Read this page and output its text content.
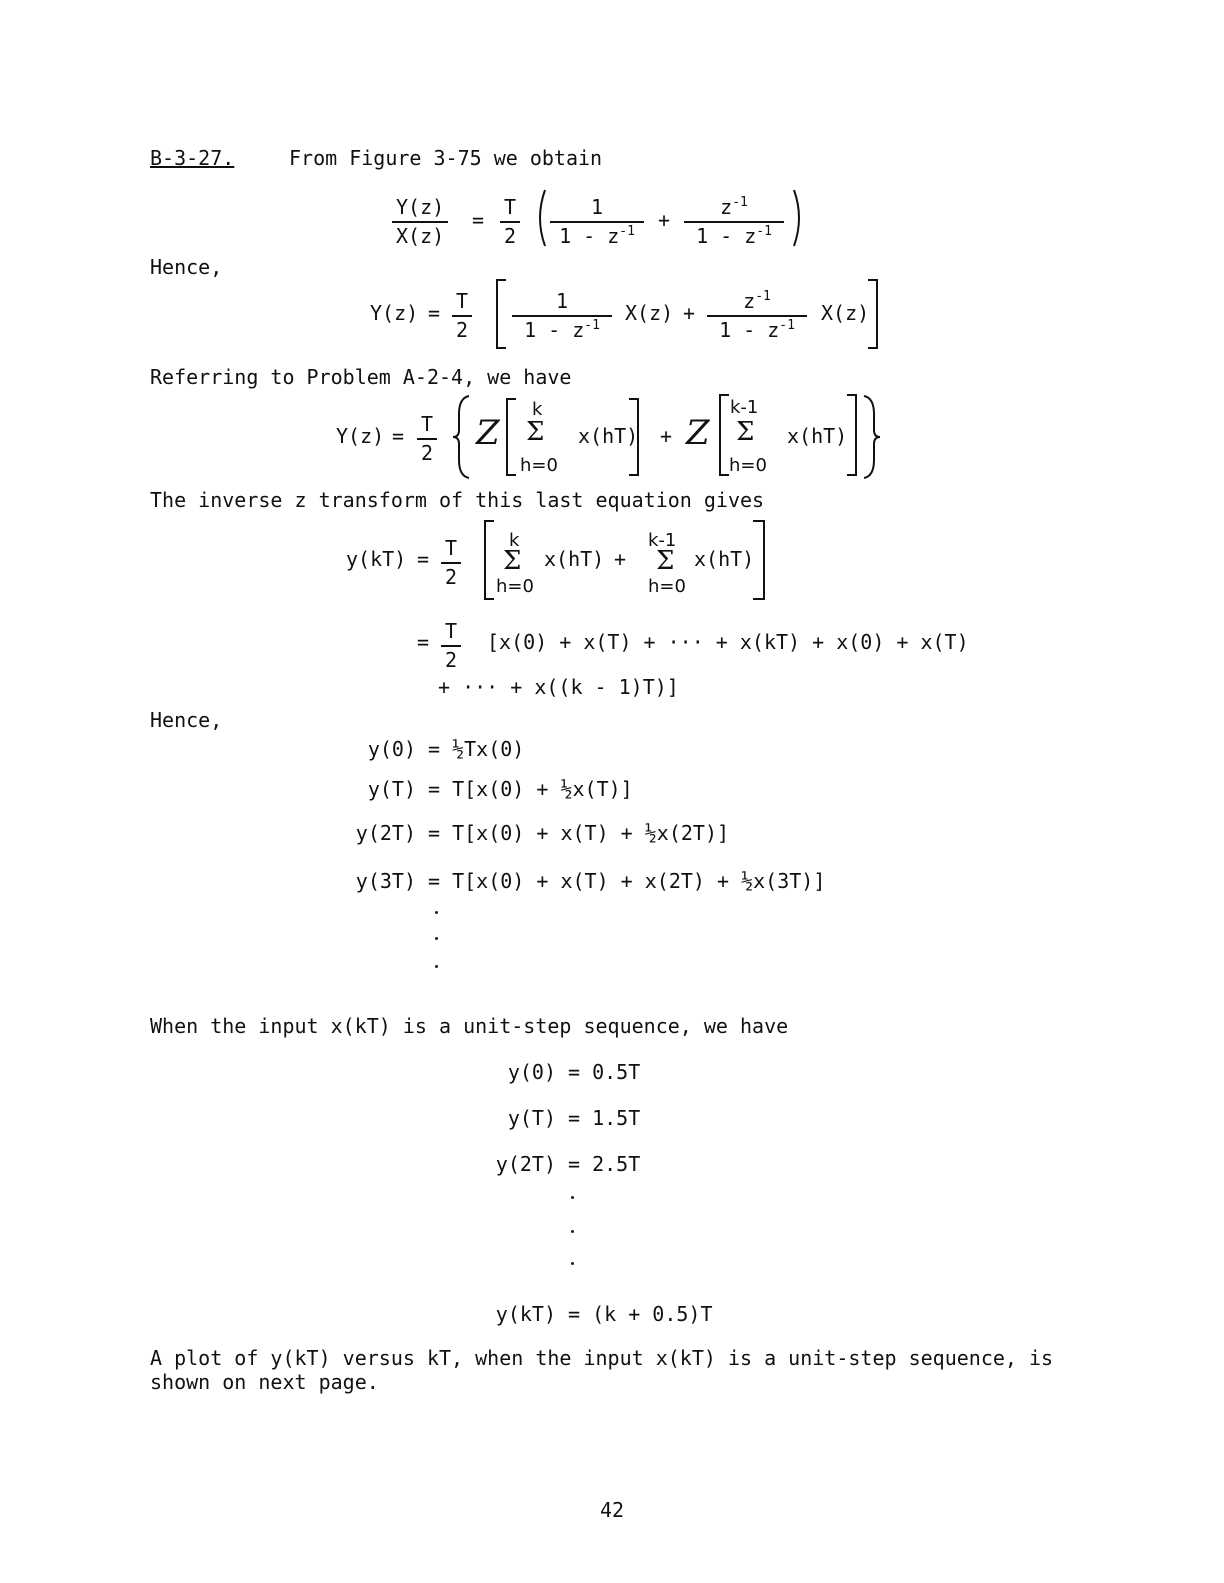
B-3-27.	From Figure 3-75 we obtain
$\frac{Y(z)}{X(z)} = \frac{T}{2} \frac{1}{1 - z^{-1}} + \frac{z^{-1}}{1 - z^{-1}}$
Hence,
$Y(z) = \frac{T}{2} \frac{1}{1 - z^{-1}} X(z) + \frac{z^{-1}}{1 - z^{-1}} X(z)$
Referring to Problem A-2-4, we have
$Y(z) = \frac{T}{2}$ Z
k
Σ
h=0
x(hT) + Z
k-1
Σ
h=0
x(hT)
The inverse z transform of this last equation gives
$y(kT) = \frac{T}{2}$	k
Σ
h=0
x(hT) +
k-1
Σ
h=0
x(hT)
= $\frac{T}{2} [x(0) + x(T)$ + ··· + x(kT) + x(0) + x(T)
+ ··· + x((k - 1)T)]
Hence,
y(0) = ½Tx(0)
y(T) = T[x(0) + ½x(T)]
y(2T) = T[x(0) + x(T) + ½x(2T)]
y(3T) = T[x(0) + x(T) + x(2T) + ½x(3T)]
When the input x(kT) is a unit-step sequence, we have
y(0) = 0.5T
y(T) = 1.5T
y(2T) = 2.5T
y(kT) = (k + 0.5)T
A plot of y(kT) versus kT, when the input x(kT) is a unit-step sequence, is
shown on next page.
42
